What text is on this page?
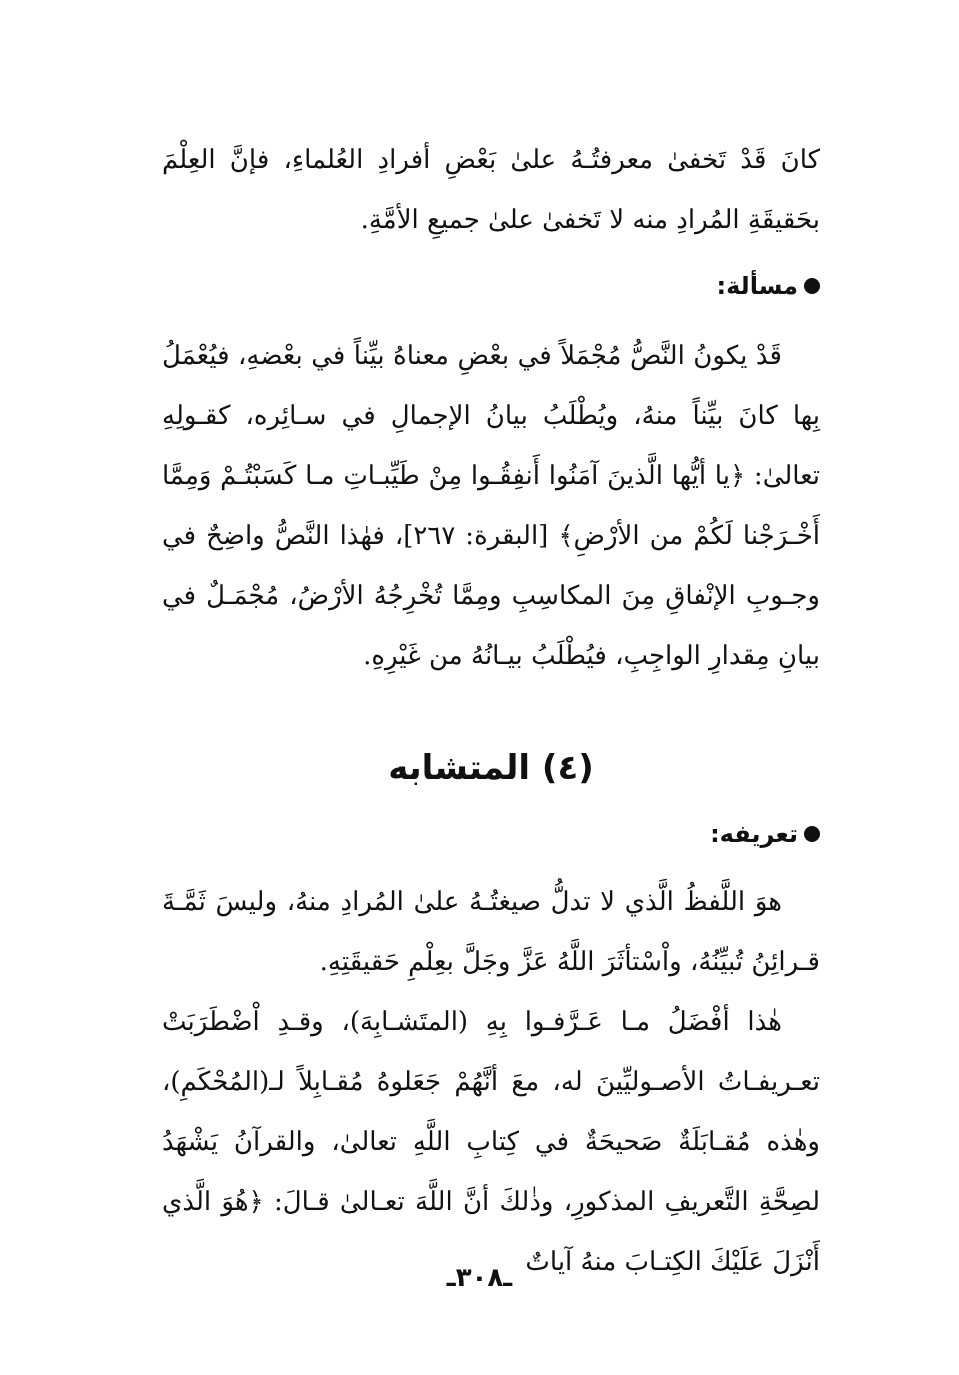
كانَ قَدْ تَخفىٰ معرفتُـهُ علىٰ بَعْضِ أفرادِ العُلماءِ، فإنَّ العِلْمَ بحَقيقَةِ المُرادِ منه لا تَخفىٰ علىٰ جميعِ الأمَّةِ.

مسألة:

قَدْ يكونُ النَّصُّ مُجْمَلاً في بعْضِ معناهُ بيِّناً في بعْضهِ، فيُعْمَلُ بِها كانَ بيِّناً منهُ، ويُطْلَبُ بيانُ الإجمالِ في سـائِره، كقـولِهِ تعالىٰ: ﴿يا أيُّها الَّذينَ آمَنُوا أَنفِقُـوا مِنْ طَيِّبـاتِ مـا كَسَبْتُـمْ وَمِمَّا أَخْـرَجْنا لَكُمْ من الأرْضِ﴾ [البقرة: ٢٦٧]، فهٰذا النَّصُّ واضِحٌ في وجـوبِ الإنْفاقِ مِنَ المكاسِبِ ومِمَّا تُخْرِجُهُ الأرْضُ، مُجْمَـلٌ في بيانِ مِقدارِ الواجِبِ، فيُطْلَبُ بيـانُهُ من غَيْرِهِ.

(٤) المتشابه
تعريفه:

هوَ اللَّفظُ الَّذي لا تدلُّ صيغتُـهُ علىٰ المُرادِ منهُ، وليسَ ثَمَّـةَ قـرائِنُ تُبيِّنُهُ، واْسْتأثَرَ اللَّهُ عَزَّ وجَلَّ بعِلْمِ حَقيقَتِهِ.

هٰذا أفْضَلُ مـا عَـرَّفـوا بِهِ (المتَشـابِهَ)، وقـدِ اْضْطَرَبَتْ تعـريفـاتُ الأصـوليِّينَ له، معَ أنَّهُمْ جَعَلوهُ مُقـابِلاً لـ(المُحْكَمِ)، وهٰذه مُقـابَلَةٌ صَحيحَةٌ في كِتابِ اللَّهِ تعالىٰ، والقرآنُ يَشْهَدُ لصِحَّةِ التَّعريفِ المذكورِ، وذٰلكَ أنَّ اللَّهَ تعـالىٰ قـالَ: ﴿هُوَ الَّذي أَنْزَلَ عَلَيْكَ الكِتـابَ منهُ آياتٌ

ـ٣٠٨ـ
